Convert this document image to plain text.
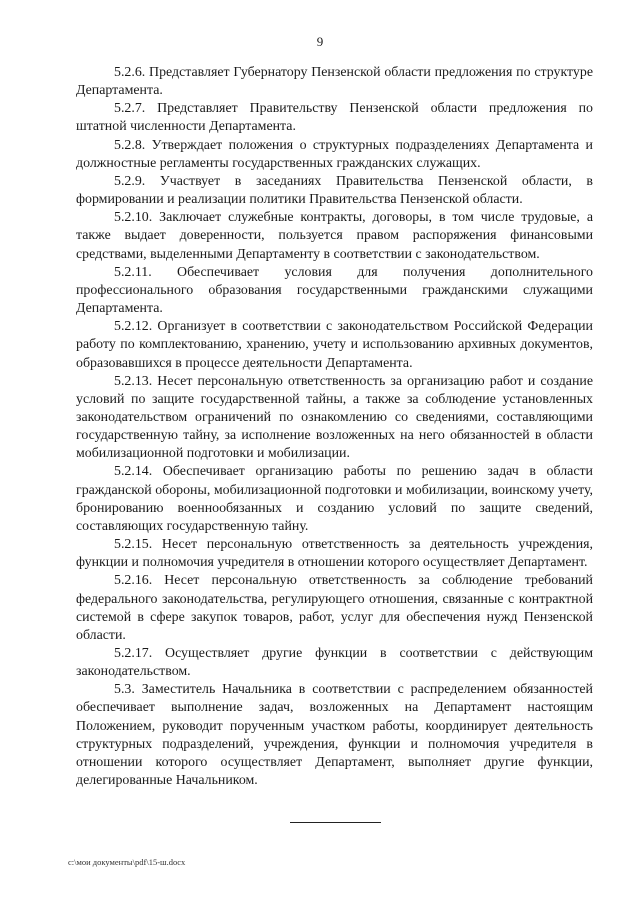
9

5.2.6. Представляет Губернатору Пензенской области предложения по структуре Департамента.

5.2.7. Представляет Правительству Пензенской области предложения по штатной численности Департамента.

5.2.8. Утверждает положения о структурных подразделениях Департамента и должностные регламенты государственных гражданских служащих.

5.2.9. Участвует в заседаниях Правительства Пензенской области, в формировании и реализации политики Правительства Пензенской области.

5.2.10. Заключает служебные контракты, договоры, в том числе трудовые, а также выдает доверенности, пользуется правом распоряжения финансовыми средствами, выделенными Департаменту в соответствии с законодательством.

5.2.11. Обеспечивает условия для получения дополнительного профессионального образования государственными гражданскими служащими Департамента.

5.2.12. Организует в соответствии с законодательством Российской Федерации работу по комплектованию, хранению, учету и использованию архивных документов, образовавшихся в процессе деятельности Департамента.

5.2.13. Несет персональную ответственность за организацию работ и создание условий по защите государственной тайны, а также за соблюдение установленных законодательством ограничений по ознакомлению со сведениями, составляющими государственную тайну, за исполнение возложенных на него обязанностей в области мобилизационной подготовки и мобилизации.

5.2.14. Обеспечивает организацию работы по решению задач в области гражданской обороны, мобилизационной подготовки и мобилизации, воинскому учету, бронированию военнообязанных и созданию условий по защите сведений, составляющих государственную тайну.

5.2.15. Несет персональную ответственность за деятельность учреждения, функции и полномочия учредителя в отношении которого осуществляет Департамент.

5.2.16. Несет персональную ответственность за соблюдение требований федерального законодательства, регулирующего отношения, связанные с контрактной системой в сфере закупок товаров, работ, услуг для обеспечения нужд Пензенской области.

5.2.17. Осуществляет другие функции в соответствии с действующим законодательством.

5.3. Заместитель Начальника в соответствии с распределением обязанностей обеспечивает выполнение задач, возложенных на Департамент настоящим Положением, руководит порученным участком работы, координирует деятельность структурных подразделений, учреждения, функции и полномочия учредителя в отношении которого осуществляет Департамент, выполняет другие функции, делегированные Начальником.

c:\мои документы\pdf\15-ш.docx
